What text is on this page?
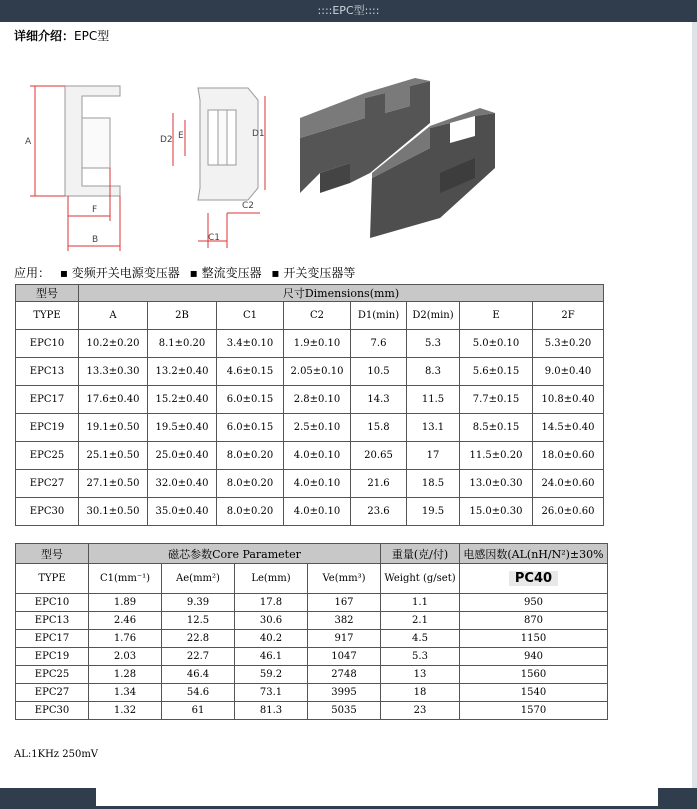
::::EPC型::::
详细介绍：EPC型
A
F
B
D2 E	D1
C2
C1
应用： ▪ 变频开关电源变压器 ▪ 整流变压器 ▪ 开关变压器等
型号	尺寸Dimensions(mm)							
TYPE	A	2B	C1	C2	D1(min)	D2(min)	E	2F
EPC10	10.2±0.20	8.1±0.20	3.4±0.10	1.9±0.10	7.6	5.3	5.0±0.10	5.3±0.20
EPC13	13.3±0.30	13.2±0.40	4.6±0.15	2.05±0.10	10.5	8.3	5.6±0.15	9.0±0.40
EPC17	17.6±0.40	15.2±0.40	6.0±0.15	2.8±0.10	14.3	11.5	7.7±0.15	10.8±0.40
EPC19	19.1±0.50	19.5±0.40	6.0±0.15	2.5±0.10	15.8	13.1	8.5±0.15	14.5±0.40
EPC25	25.1±0.50	25.0±0.40	8.0±0.20	4.0±0.10	20.65	17	11.5±0.20	18.0±0.60
EPC27	27.1±0.50	32.0±0.40	8.0±0.20	4.0±0.10	21.6	18.5	13.0±0.30	24.0±0.60
EPC30	30.1±0.50	35.0±0.40	8.0±0.20	4.0±0.10	23.6	19.5	15.0±0.30	26.0±0.60
型号	磁芯参数Core Parameter				重量(克/付)	电感因数(AL(nH/N²)±30%
TYPE	C1(mm⁻¹)	Ae(mm²)	Le(mm)	Ve(mm³)	Weight (g/set)	PC40
EPC10	1.89	9.39	17.8	167	1.1	950
EPC13	2.46	12.5	30.6	382	2.1	870
EPC17	1.76	22.8	40.2	917	4.5	1150
EPC19	2.03	22.7	46.1	1047	5.3	940
EPC25	1.28	46.4	59.2	2748	13	1560
EPC27	1.34	54.6	73.1	3995	18	1540
EPC30	1.32	61	81.3	5035	23	1570
AL:1KHz 250mV
